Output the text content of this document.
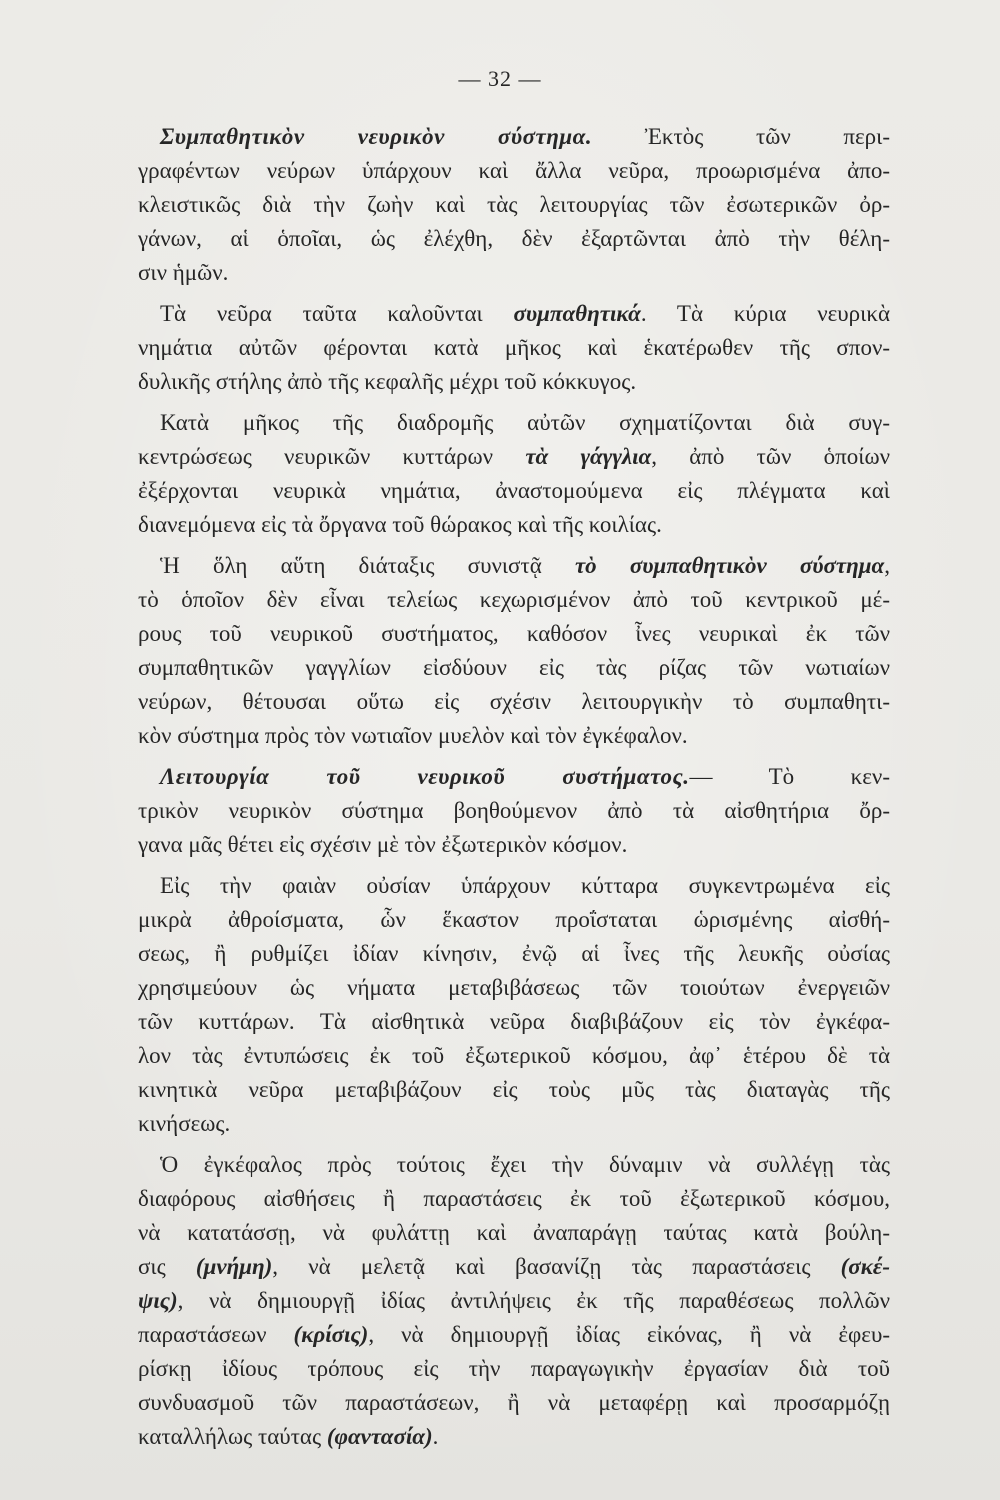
— 32 —
Συμπαθητικὸν νευρικὸν σύστημα. Ἐκτὸς τῶν περι-
γραφέντων νεύρων ὑπάρχουν καὶ ἄλλα νεῦρα, προωρισμένα ἀπο-
κλειστικῶς διὰ τὴν ζωὴν καὶ τὰς λειτουργίας τῶν ἐσωτερικῶν ὀρ-
γάνων, αἱ ὁποῖαι, ὡς ἐλέχθη, δὲν ἐξαρτῶνται ἀπὸ τὴν θέλη-
σιν ἡμῶν.
Τὰ νεῦρα ταῦτα καλοῦνται συμπαθητικά. Τὰ κύρια νευρικὰ
νημάτια αὐτῶν φέρονται κατὰ μῆκος καὶ ἑκατέρωθεν τῆς σπον-
δυλικῆς στήλης ἀπὸ τῆς κεφαλῆς μέχρι τοῦ κόκκυγος.
Κατὰ μῆκος τῆς διαδρομῆς αὐτῶν σχηματίζονται διὰ συγ-
κεντρώσεως νευρικῶν κυττάρων τὰ γάγγλια, ἀπὸ τῶν ὁποίων
ἐξέρχονται νευρικὰ νημάτια, ἀναστομούμενα εἰς πλέγματα καὶ
διανεμόμενα εἰς τὰ ὄργανα τοῦ θώρακος καὶ τῆς κοιλίας.
Ἡ ὅλη αὕτη διάταξις συνιστᾷ τὸ συμπαθητικὸν σύστημα,
τὸ ὁποῖον δὲν εἶναι τελείως κεχωρισμένον ἀπὸ τοῦ κεντρικοῦ μέ-
ρους τοῦ νευρικοῦ συστήματος, καθόσον ἶνες νευρικαὶ ἐκ τῶν
συμπαθητικῶν γαγγλίων εἰσδύουν εἰς τὰς ρίζας τῶν νωτιαίων
νεύρων, θέτουσαι οὕτω εἰς σχέσιν λειτουργικὴν τὸ συμπαθητι-
κὸν σύστημα πρὸς τὸν νωτιαῖον μυελὸν καὶ τὸν ἐγκέφαλον.
Λειτουργία τοῦ νευρικοῦ συστήματος.— Τὸ κεν-
τρικὸν νευρικὸν σύστημα βοηθούμενον ἀπὸ τὰ αἰσθητήρια ὄρ-
γανα μᾶς θέτει εἰς σχέσιν μὲ τὸν ἐξωτερικὸν κόσμον.
Εἰς τὴν φαιὰν οὐσίαν ὑπάρχουν κύτταρα συγκεντρωμένα εἰς
μικρὰ ἀθροίσματα, ὧν ἕκαστον προΐσταται ὡρισμένης αἰσθή-
σεως, ἢ ρυθμίζει ἰδίαν κίνησιν, ἐνῷ αἱ ἶνες τῆς λευκῆς οὐσίας
χρησιμεύουν ὡς νήματα μεταβιβάσεως τῶν τοιούτων ἐνεργειῶν
τῶν κυττάρων. Τὰ αἰσθητικὰ νεῦρα διαβιβάζουν εἰς τὸν ἐγκέφα-
λον τὰς ἐντυπώσεις ἐκ τοῦ ἐξωτερικοῦ κόσμου, ἀφ᾿ ἑτέρου δὲ τὰ
κινητικὰ νεῦρα μεταβιβάζουν εἰς τοὺς μῦς τὰς διαταγὰς τῆς
κινήσεως.
Ὁ ἐγκέφαλος πρὸς τούτοις ἔχει τὴν δύναμιν νὰ συλλέγῃ τὰς
διαφόρους αἰσθήσεις ἢ παραστάσεις ἐκ τοῦ ἐξωτερικοῦ κόσμου,
νὰ κατατάσσῃ, νὰ φυλάττῃ καὶ ἀναπαράγῃ ταύτας κατὰ βούλη-
σις (μνήμη), νὰ μελετᾷ καὶ βασανίζῃ τὰς παραστάσεις (σκέ-
ψις), νὰ δημιουργῇ ἰδίας ἀντιλήψεις ἐκ τῆς παραθέσεως πολλῶν
παραστάσεων (κρίσις), νὰ δημιουργῇ ἰδίας εἰκόνας, ἢ νὰ ἐφευ-
ρίσκῃ ἰδίους τρόπους εἰς τὴν παραγωγικὴν ἐργασίαν διὰ τοῦ
συνδυασμοῦ τῶν παραστάσεων, ἢ νὰ μεταφέρῃ καὶ προσαρμόζῃ
καταλλήλως ταύτας (φαντασία).
